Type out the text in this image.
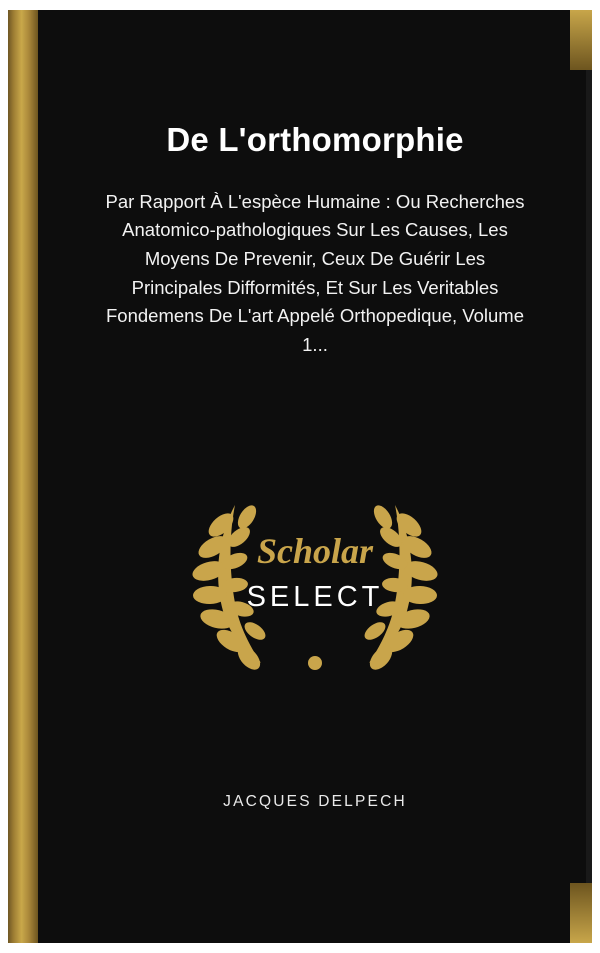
De L'orthomorphie

Par Rapport À L'espèce Humaine : Ou Recherches Anatomico-pathologiques Sur Les Causes, Les Moyens De Prevenir, Ceux De Guérir Les Principales Difformités, Et Sur Les Veritables Fondemens De L'art Appelé Orthopedique, Volume 1...

Scholar
SELECT
JACQUES DELPECH
